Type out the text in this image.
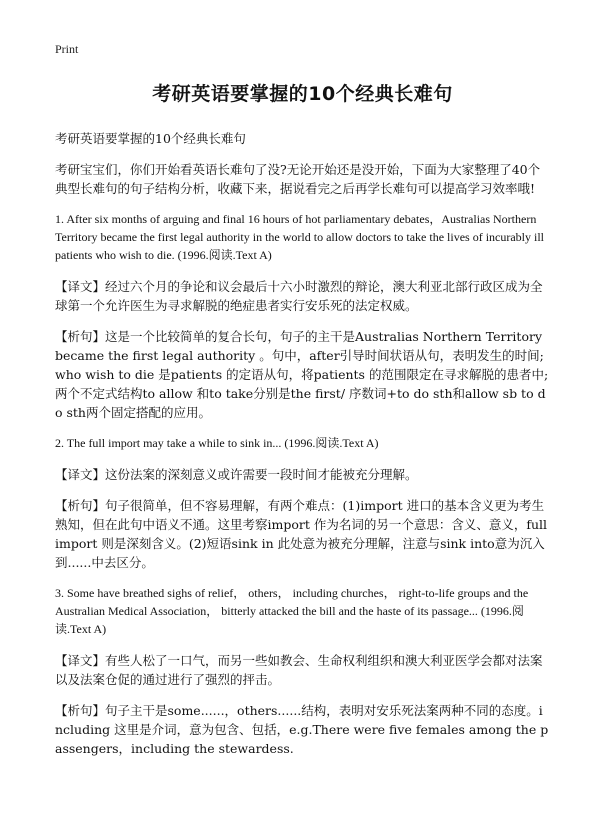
Print
考研英语要掌握的10个经典长难句

考研英语要掌握的10个经典长难句

考研宝宝们，你们开始看英语长难句了没?无论开始还是没开始，下面为大家整理了40个典型长难句的句子结构分析，收藏下来，据说看完之后再学长难句可以提高学习效率哦!

1. After six months of arguing and final 16 hours of hot parliamentary debates，Australias Northern Territory became the first legal authority in the world to allow doctors to take the lives of incurably ill patients who wish to die. (1996.阅读.Text A)

【译文】经过六个月的争论和议会最后十六小时激烈的辩论，澳大利亚北部行政区成为全球第一个允许医生为寻求解脱的绝症患者实行安乐死的法定权威。

【析句】这是一个比较简单的复合长句，句子的主干是Australias Northern Territory became the first legal authority 。句中，after引导时间状语从句，表明发生的时间;who wish to die 是patients 的定语从句，将patients 的范围限定在寻求解脱的患者中;两个不定式结构to allow 和to take分别是the first/ 序数词+to do sth和allow sb to do sth两个固定搭配的应用。

2. The full import may take a while to sink in... (1996.阅读.Text A)

【译文】这份法案的深刻意义或许需要一段时间才能被充分理解。

【析句】句子很简单，但不容易理解，有两个难点：(1)import 进口的基本含义更为考生熟知，但在此句中语义不通。这里考察import 作为名词的另一个意思：含义、意义，full import 则是深刻含义。(2)短语sink in 此处意为被充分理解，注意与sink into意为沉入到......中去区分。

3. Some have breathed sighs of relief， others， including churches， right-to-life groups and the Australian Medical Association， bitterly attacked the bill and the haste of its passage... (1996.阅读.Text A)

【译文】有些人松了一口气，而另一些如教会、生命权利组织和澳大利亚医学会都对法案以及法案仓促的通过进行了强烈的抨击。

【析句】句子主干是some......，others......结构，表明对安乐死法案两种不同的态度。including 这里是介词，意为包含、包括，e.g.There were five females among the passengers，including the stewardess.
